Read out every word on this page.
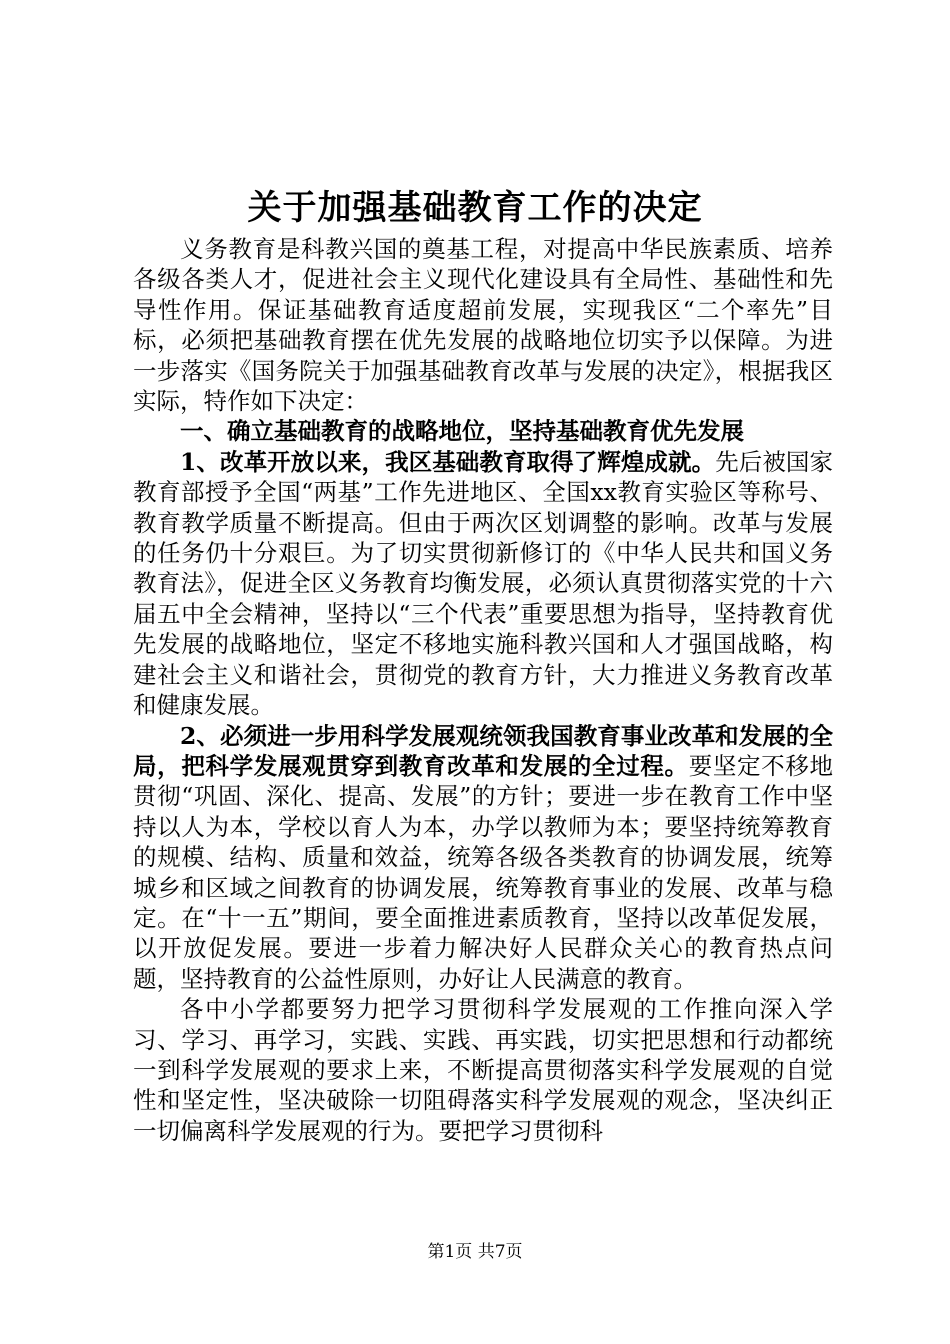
关于加强基础教育工作的决定

义务教育是科教兴国的奠基工程，对提高中华民族素质、培养各级各类人才，促进社会主义现代化建设具有全局性、基础性和先导性作用。保证基础教育适度超前发展，实现我区“二个率先”目标，必须把基础教育摆在优先发展的战略地位切实予以保障。为进一步落实《国务院关于加强基础教育改革与发展的决定》，根据我区实际，特作如下决定：

一、确立基础教育的战略地位，坚持基础教育优先发展

1、改革开放以来，我区基础教育取得了辉煌成就。先后被国家教育部授予全国“两基”工作先进地区、全国xx教育实验区等称号、教育教学质量不断提高。但由于两次区划调整的影响。改革与发展的任务仍十分艰巨。为了切实贯彻新修订的《中华人民共和国义务教育法》，促进全区义务教育均衡发展，必须认真贯彻落实党的十六届五中全会精神，坚持以“三个代表”重要思想为指导，坚持教育优先发展的战略地位，坚定不移地实施科教兴国和人才强国战略，构建社会主义和谐社会，贯彻党的教育方针，大力推进义务教育改革和健康发展。

2、必须进一步用科学发展观统领我国教育事业改革和发展的全局，把科学发展观贯穿到教育改革和发展的全过程。要坚定不移地贯彻“巩固、深化、提高、发展”的方针；要进一步在教育工作中坚持以人为本，学校以育人为本，办学以教师为本；要坚持统筹教育的规模、结构、质量和效益，统筹各级各类教育的协调发展，统筹城乡和区域之间教育的协调发展，统筹教育事业的发展、改革与稳定。在“十一五”期间，要全面推进素质教育，坚持以改革促发展，以开放促发展。要进一步着力解决好人民群众关心的教育热点问题，坚持教育的公益性原则，办好让人民满意的教育。

各中小学都要努力把学习贯彻科学发展观的工作推向深入学习、学习、再学习，实践、实践、再实践，切实把思想和行动都统一到科学发展观的要求上来，不断提高贯彻落实科学发展观的自觉性和坚定性，坚决破除一切阻碍落实科学发展观的观念，坚决纠正一切偏离科学发展观的行为。要把学习贯彻科

第1页 共7页
